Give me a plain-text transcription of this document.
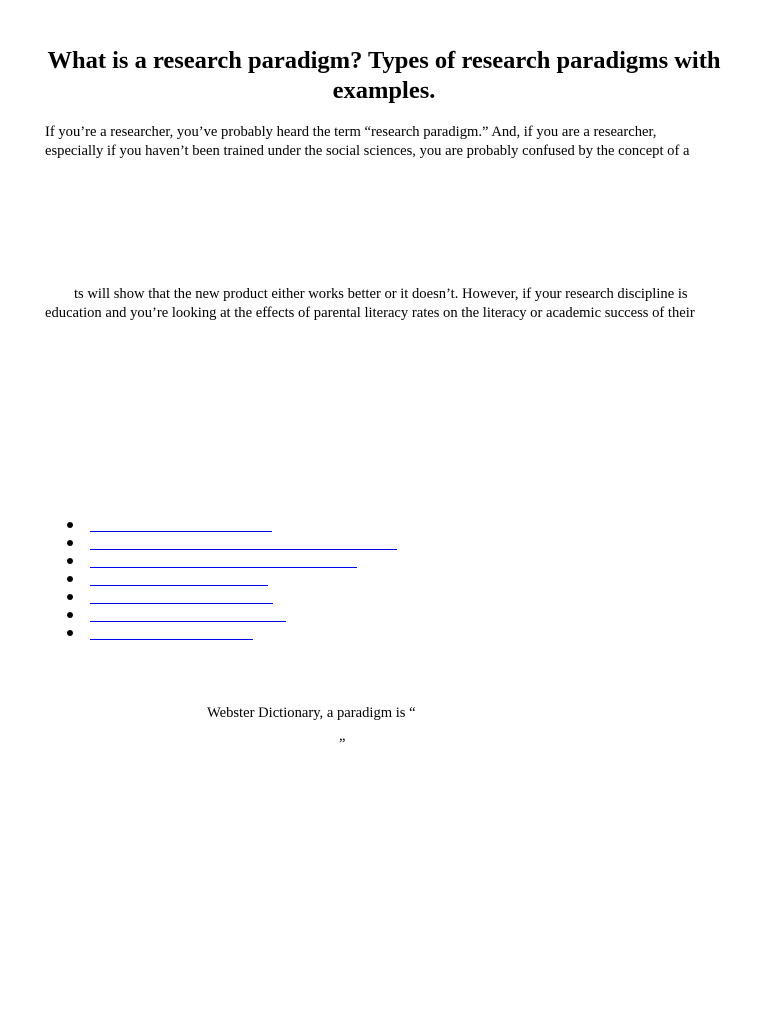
What is a research paradigm? Types of research paradigms with examples.
If you’re a researcher, you’ve probably heard the term “research paradigm.” And, if you are a researcher,
especially if you haven’t been trained under the social sciences, you are probably confused by the concept of a
ts will show that the new product either works better or it doesn’t. However, if your research discipline is
education and you’re looking at the effects of parental literacy rates on the literacy or academic success of their

Webster Dictionary, a paradigm is “

”
